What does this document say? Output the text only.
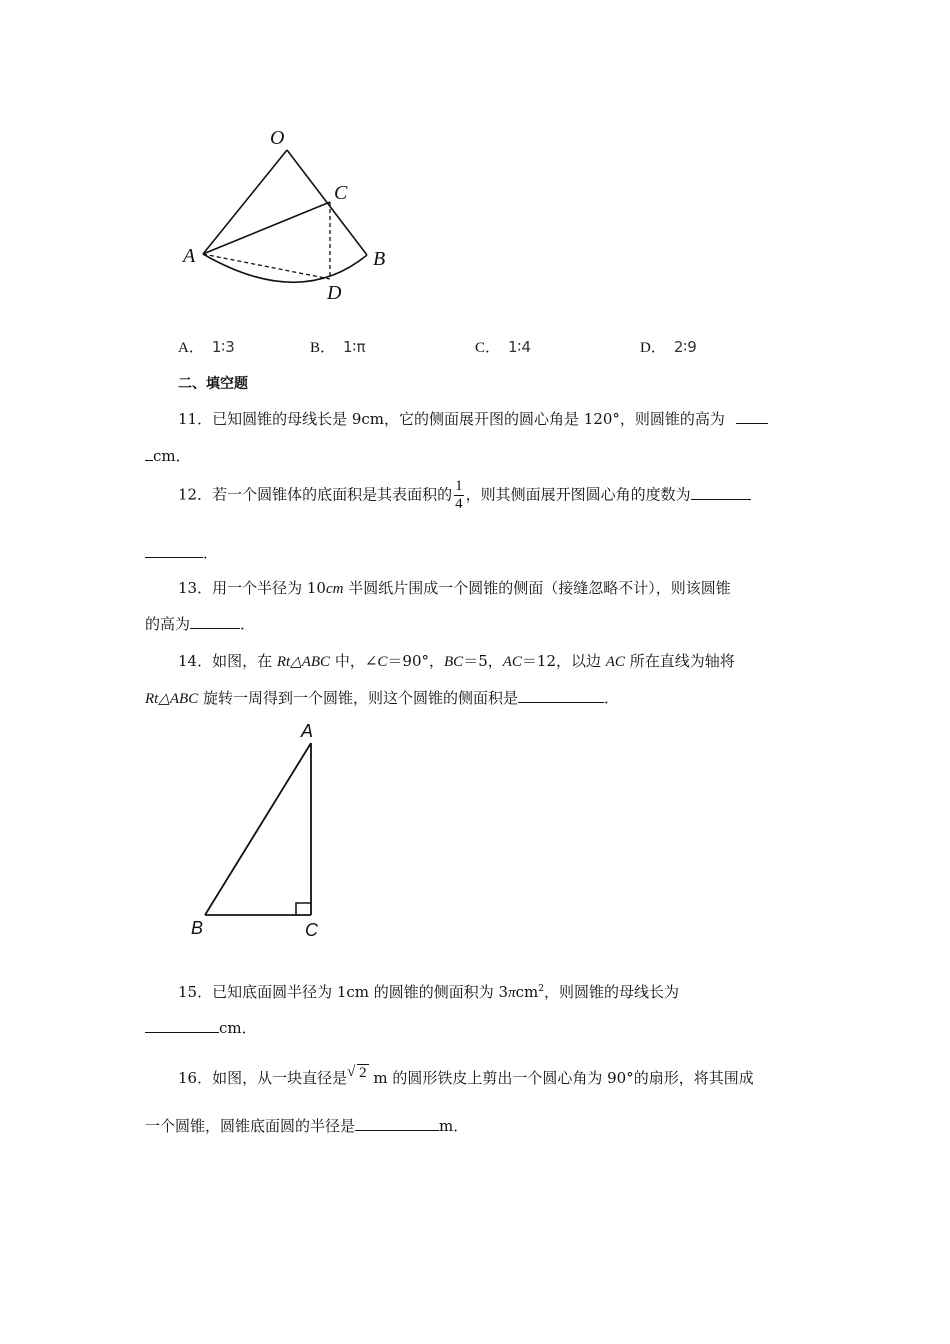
O
C
A	B
D
A． 1∶3	B． 1∶π	C． 1∶4	D． 2∶9
二、填空题
11．已知圆锥的母线长是 9cm，它的侧面展开图的圆心角是 120°，则圆锥的高为
cm．
12．若一个圆锥体的底面积是其表面积的 $\frac{1}{4}$ ，则其侧面展开图圆心角的度数为
．
13．用一个半径为 10cm 半圆纸片围成一个圆锥的侧面（接缝忽略不计），则该圆锥
的高为	．
14．如图，在 Rt△ABC 中，∠C＝90°，BC＝5，AC＝12，以边 AC 所在直线为轴将
Rt△ABC 旋转一周得到一个圆锥，则这个圆锥的侧面积是	．
A
B	C
15．已知底面圆半径为 1cm 的圆锥的侧面积为 3πcm$^2$，则圆锥的母线长为
cm．
16．如图，从一块直径是 √ 2 m 的圆形铁皮上剪出一个圆心角为 90°的扇形，将其围成
一个圆锥，圆锥底面圆的半径是	m．
